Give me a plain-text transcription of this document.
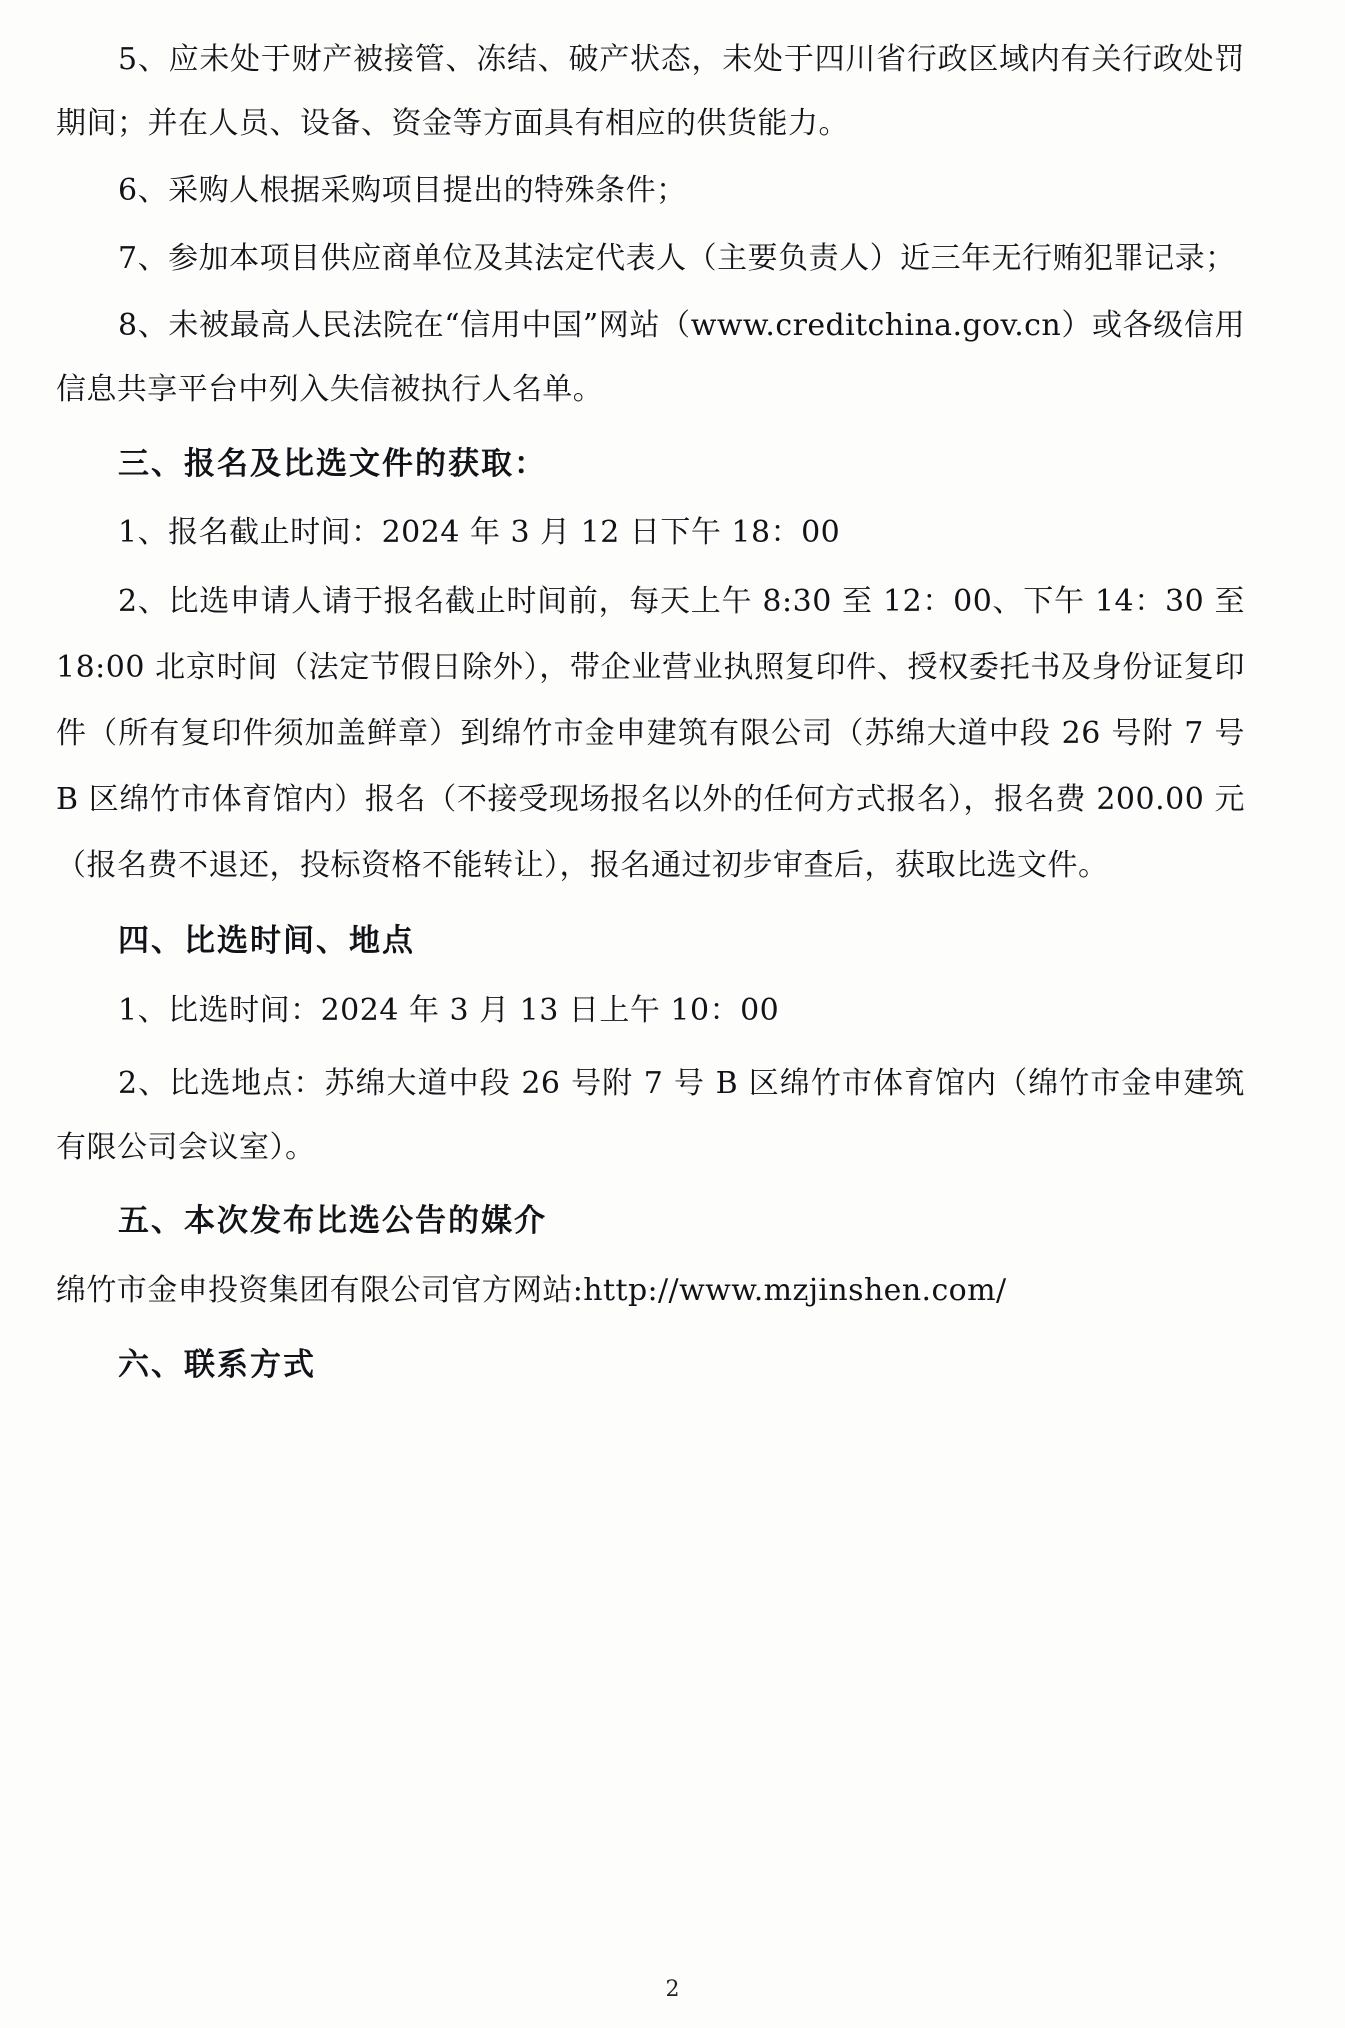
5、应未处于财产被接管、冻结、破产状态，未处于四川省行政区域内有关行政处罚期间；并在人员、设备、资金等方面具有相应的供货能力。

6、采购人根据采购项目提出的特殊条件；

7、参加本项目供应商单位及其法定代表人（主要负责人）近三年无行贿犯罪记录；

8、未被最高人民法院在“信用中国”网站（www.creditchina.gov.cn）或各级信用信息共享平台中列入失信被执行人名单。

三、报名及比选文件的获取：

1、报名截止时间：2024 年 3 月 12 日下午 18：00

2、比选申请人请于报名截止时间前，每天上午 8:30 至 12：00、下午 14：30 至 18:00 北京时间（法定节假日除外），带企业营业执照复印件、授权委托书及身份证复印件（所有复印件须加盖鲜章）到绵竹市金申建筑有限公司（苏绵大道中段 26 号附 7 号 B 区绵竹市体育馆内）报名（不接受现场报名以外的任何方式报名），报名费 200.00 元（报名费不退还，投标资格不能转让），报名通过初步审查后，获取比选文件。

四、比选时间、地点

1、比选时间：2024 年 3 月 13 日上午 10：00

2、比选地点：苏绵大道中段 26 号附 7 号 B 区绵竹市体育馆内（绵竹市金申建筑有限公司会议室）。

五、本次发布比选公告的媒介

绵竹市金申投资集团有限公司官方网站:http://www.mzjinshen.com/

六、联系方式

2
